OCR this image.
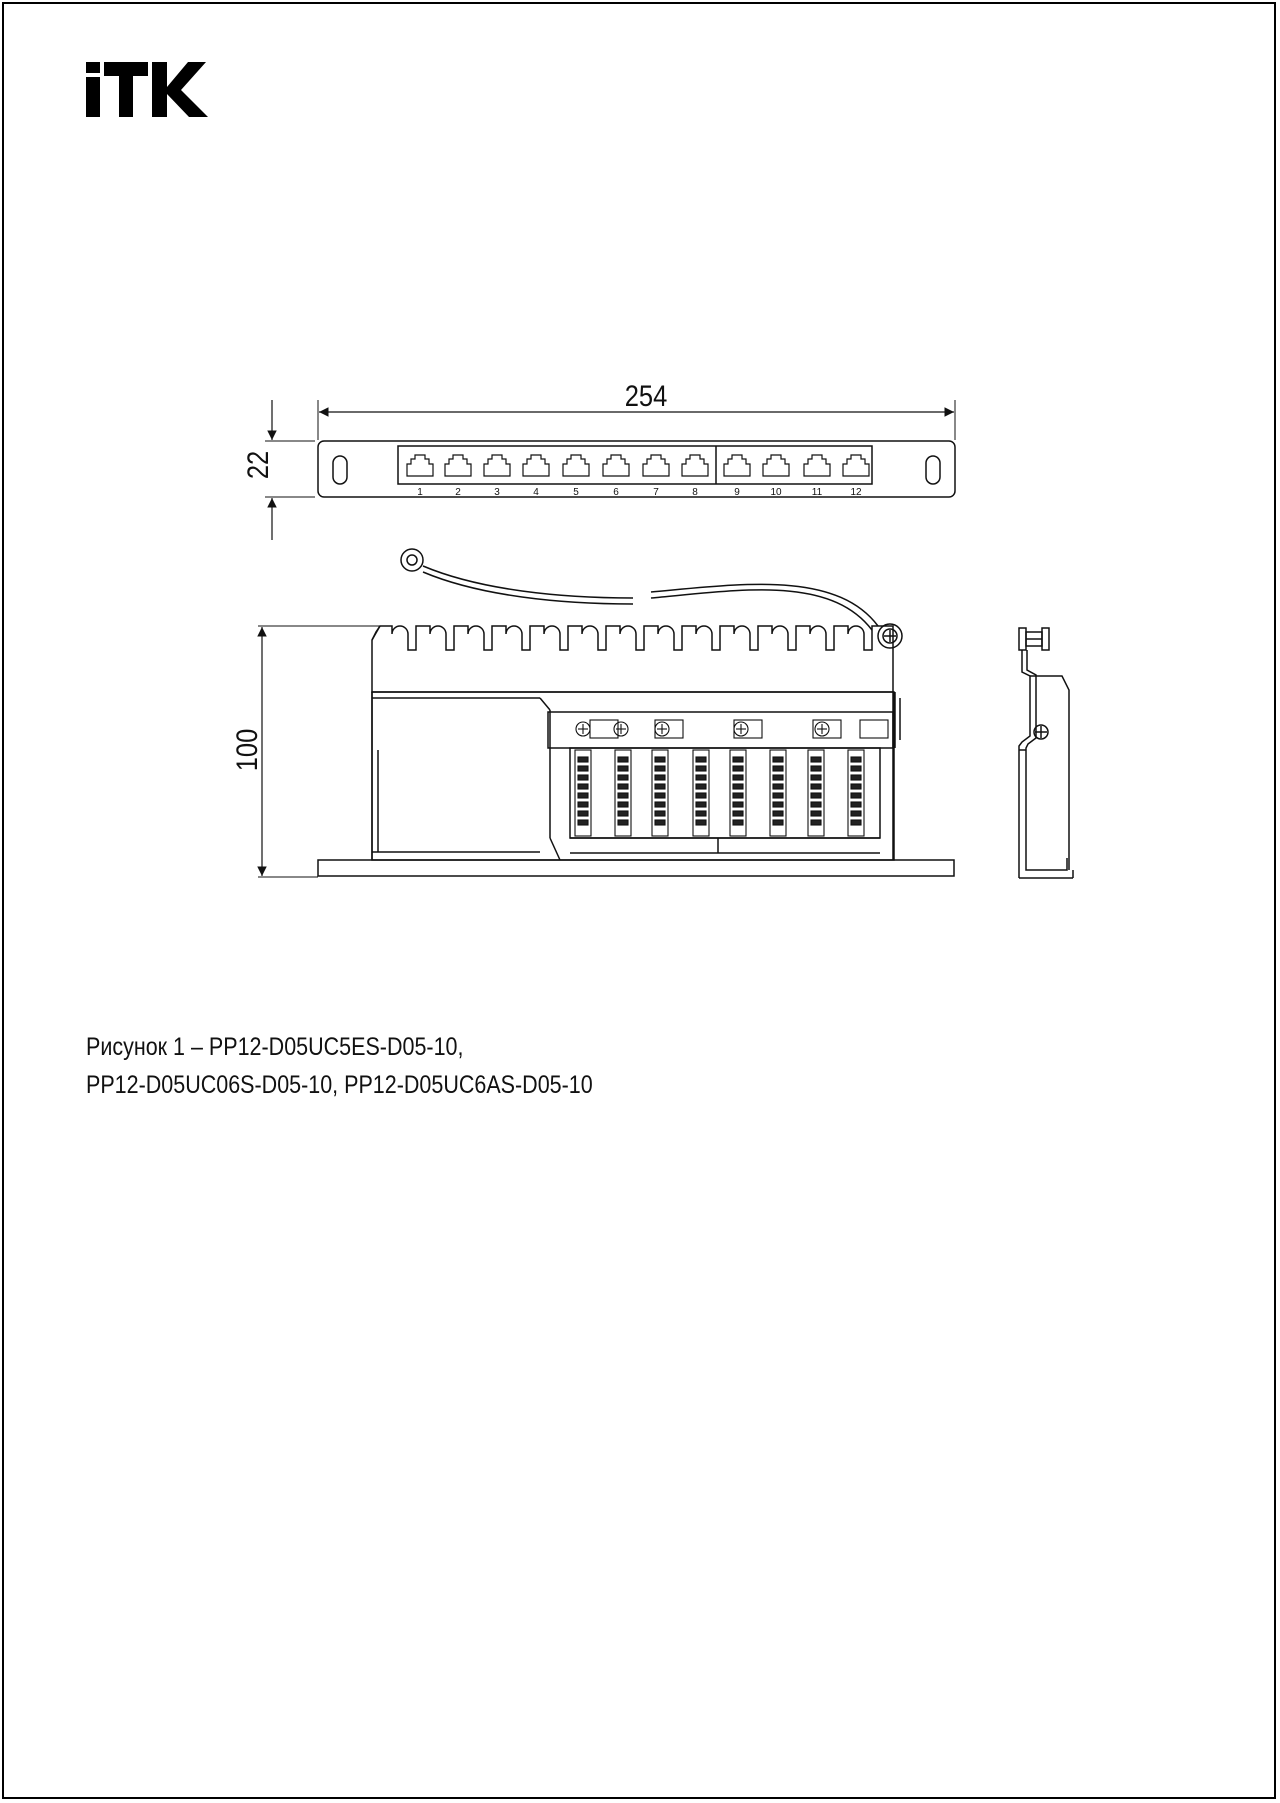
254
22
1	2	3	4	5	6	7	8	9	10	11	12
100
Рисунок 1 – PP12-D05UC5ES-D05-10,
PP12-D05UC06S-D05-10, PP12-D05UC6AS-D05-10
